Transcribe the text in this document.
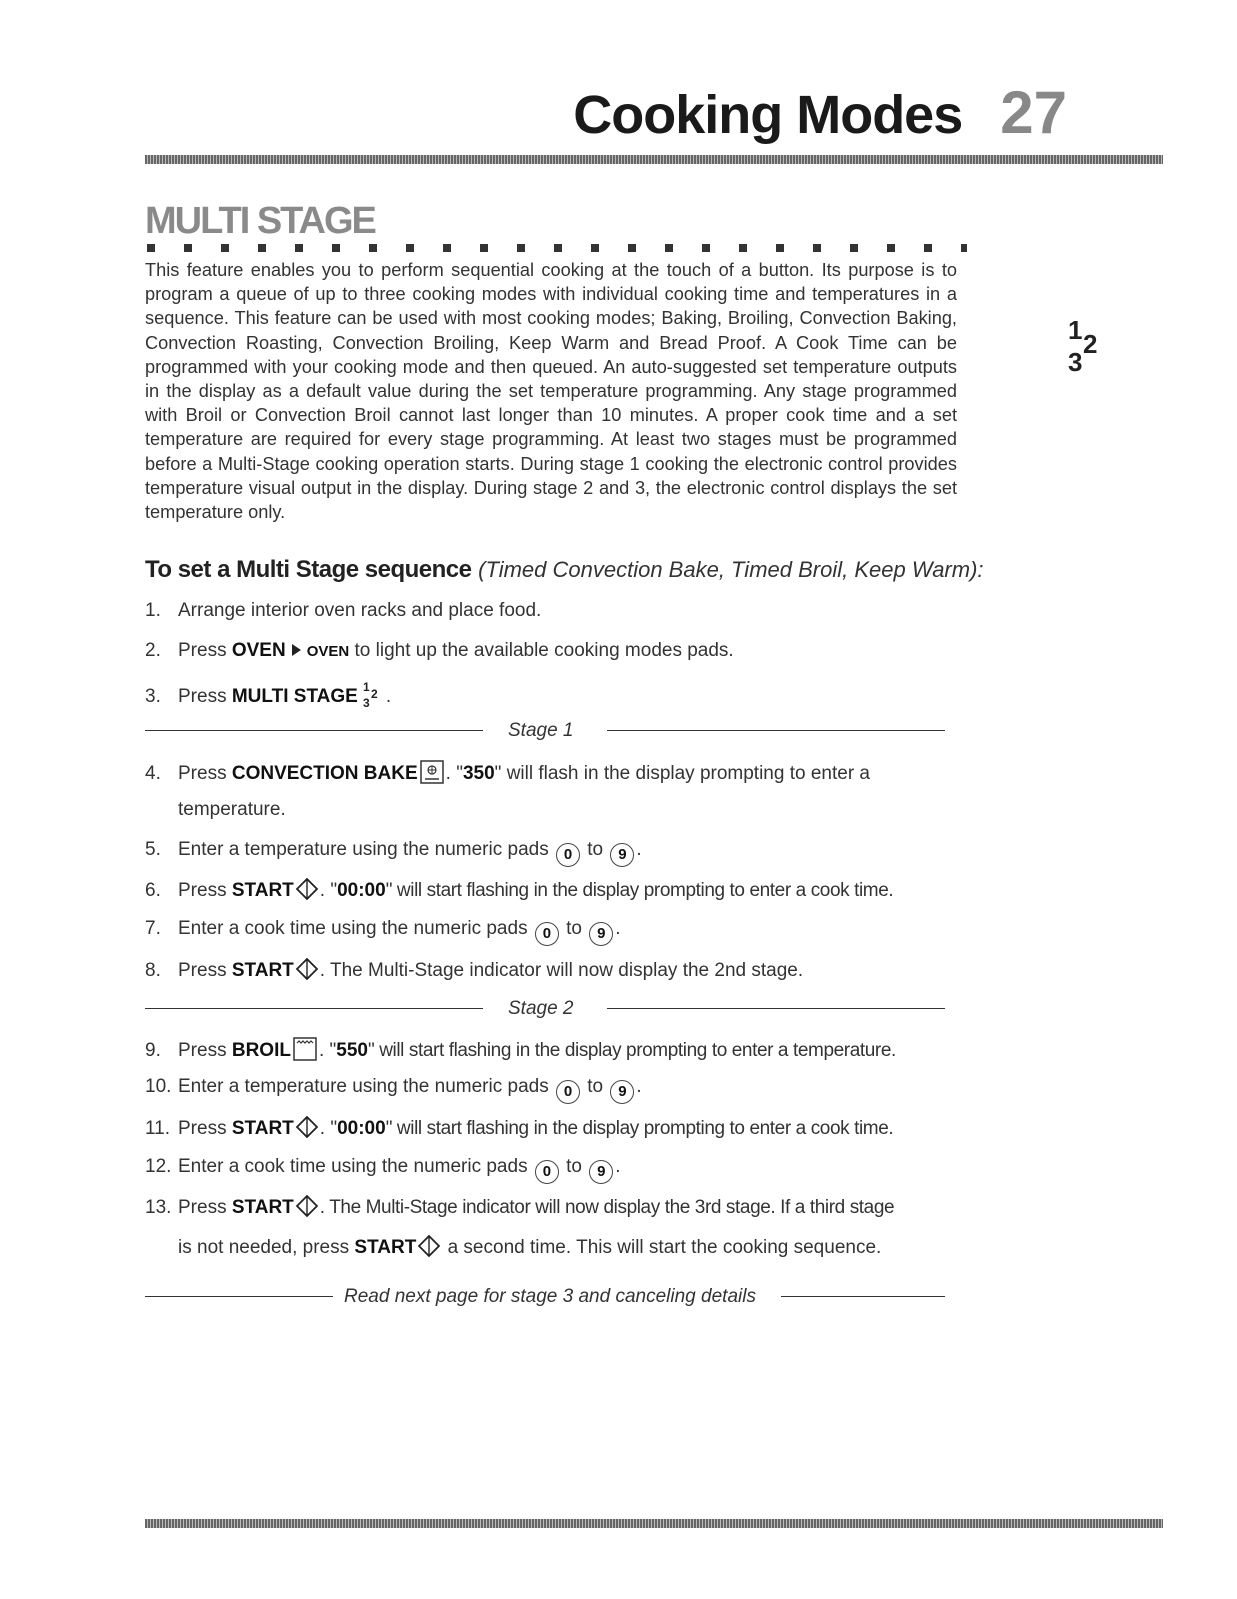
Cooking Modes 27
MULTI STAGE

This feature enables you to perform sequential cooking at the touch of a button. Its purpose is to program a queue of up to three cooking modes with individual cooking time and temperatures in a sequence. This feature can be used with most cooking modes; Baking, Broiling, Convection Baking, Convection Roasting, Convection Broiling, Keep Warm and Bread Proof. A Cook Time can be programmed with your cooking mode and then queued. An auto-suggested set temperature outputs in the display as a default value during the set temperature programming. Any stage programmed with Broil or Convection Broil cannot last longer than 10 minutes. A proper cook time and a set temperature are required for every stage programming. At least two stages must be programmed before a Multi-Stage cooking operation starts. During stage 1 cooking the electronic control provides temperature visual output in the display. During stage 2 and 3, the electronic control displays the set temperature only.

1 2
3
To set a Multi Stage sequence (Timed Convection Bake, Timed Broil, Keep Warm):
1. Arrange interior oven racks and place food.
2. Press OVEN OVEN to light up the available cooking modes pads.
3. Press MULTI STAGE 1 2
3 .
Stage 1
4. Press CONVECTION BAKE . "350" will flash in the display prompting to enter a
temperature.
5. Enter a temperature using the numeric pads 0 to 9 .
6. Press START . "00:00" will start flashing in the display prompting to enter a cook time.
7. Enter a cook time using the numeric pads 0 to 9 .
8. Press START . The Multi-Stage indicator will now display the 2nd stage.
Stage 2
9. Press BROIL . "550" will start flashing in the display prompting to enter a temperature.
10. Enter a temperature using the numeric pads 0 to 9 .
11. Press START . "00:00" will start flashing in the display prompting to enter a cook time.
12. Enter a cook time using the numeric pads 0 to 9 .
13. Press START . The Multi-Stage indicator will now display the 3rd stage. If a third stage
is not needed, press START a second time. This will start the cooking sequence.
Read next page for stage 3 and canceling details
